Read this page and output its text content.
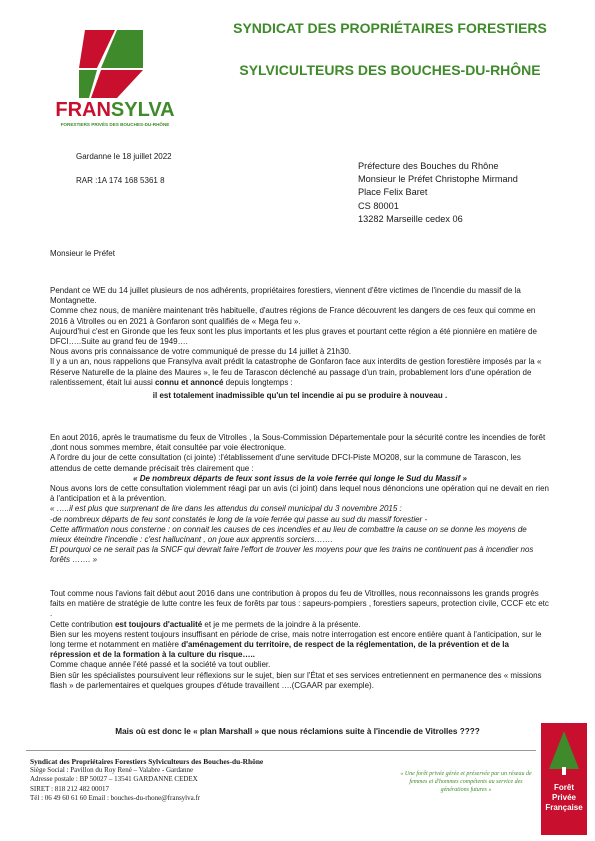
FRANSYLVA
FORESTIERS PRIVÉS DES BOUCHES-DU-RHÔNE
SYNDICAT DES PROPRIÉTAIRES FORESTIERS
SYLVICULTEURS DES BOUCHES-DU-RHÔNE
Gardanne le 18 juillet 2022
RAR :1A 174 168 5361 8
Préfecture des Bouches du Rhône
Monsieur le Préfet Christophe Mirmand
Place Felix Baret
CS 80001
13282 Marseille cedex 06
Monsieur le Préfet

Pendant ce WE du 14 juillet plusieurs de nos adhérents, propriétaires forestiers, viennent d'être victimes de l'incendie du massif de la Montagnette.

Comme chez nous, de manière maintenant très habituelle, d'autres régions de France découvrent les dangers de ces feux qui comme en 2016 à Vitrolles ou en 2021 à Gonfaron sont qualifiés de « Mega feu ».

Aujourd'hui c'est en Gironde que les feux sont les plus importants et les plus graves et pourtant cette région a été pionnière en matière de DFCI…..Suite au grand feu de 1949….

Nous avons pris connaissance de votre communiqué de presse du 14 juillet à 21h30.

Il y a un an, nous rappelions que Fransylva avait prédit la catastrophe de Gonfaron face aux interdits de gestion forestière imposés par la « Réserve Naturelle de la plaine des Maures », le feu de Tarascon déclenché au passage d'un train, probablement lors d'une opération de ralentissement, était lui aussi connu et annoncé depuis longtemps :

il est totalement inadmissible qu'un tel incendie ai pu se produire à nouveau .

En aout 2016, après le traumatisme du feux de Vitrolles , la Sous-Commission Départementale pour la sécurité contre les incendies de forêt ,dont nous sommes membre, était consultée par voie électronique.

A l'ordre du jour de cette consultation (ci jointe) :l'établissement d'une servitude DFCI-Piste MO208, sur la commune de Tarascon, les attendus de cette demande précisait très clairement que :

« De nombreux départs de feux sont issus de la voie ferrée qui longe le Sud du Massif »

Nous avons lors de cette consultation violemment réagi par un avis (ci joint) dans lequel nous dénoncions une opération qui ne devait en rien à l'anticipation et à la prévention.

« …..il est plus que surprenant de lire dans les attendus du conseil municipal du 3 novembre 2015 :

-de nombreux départs de feu sont constatés le long de la voie ferrée qui passe au sud du massif forestier -

Cette affirmation nous consterne : on connait les causes de ces incendies et au lieu de combattre la cause on se donne les moyens de mieux éteindre l'incendie : c'est hallucinant , on joue aux apprentis sorciers…….

Et pourquoi ce ne serait pas la SNCF qui devrait faire l'effort de trouver les moyens pour que les trains ne continuent pas à incendier nos forêts ……. »

Tout comme nous l'avions fait début aout 2016 dans une contribution à propos du feu de Vitrollles, nous reconnaissons les grands progrès faits en matière de stratégie de lutte contre les feux de forêts par tous : sapeurs-pompiers , forestiers sapeurs, protection civile, CCCF etc etc .

Cette contribution est toujours d'actualité et je me permets de la joindre à la présente.

Bien sur les moyens restent toujours insuffisant en période de crise, mais notre interrogation est encore entière quant à l'anticipation, sur le long terme et notamment en matière d'aménagement du territoire, de respect de la réglementation, de la prévention et de la répression et de la formation à la culture du risque…..

Comme chaque année l'été passé et la société va tout oublier.

Bien sûr les spécialistes poursuivent leur réflexions sur le sujet, bien sur l'État et ses services entretiennent en permanence des « missions flash » de parlementaires et quelques groupes d'étude travaillent ….(CGAAR par exemple).

Mais où est donc le « plan Marshall » que nous réclamions suite à l'incendie de Vitrolles ????
Syndicat des Propriétaires Forestiers Sylviculteurs des Bouches-du-Rhône
Siège Social : Pavillon du Roy René – Valabre - Gardanne
Adresse postale : BP 50027 – 13541 GARDANNE CEDEX
SIRET : 818 212 482 00017
Tél : 06 49 60 61 60 Email : bouches-du-rhone@fransylva.fr
« Une forêt privée gérée et préservée par un réseau de femmes et d'hommes compétents au service des générations futures »	Forêt
Privée
Française
